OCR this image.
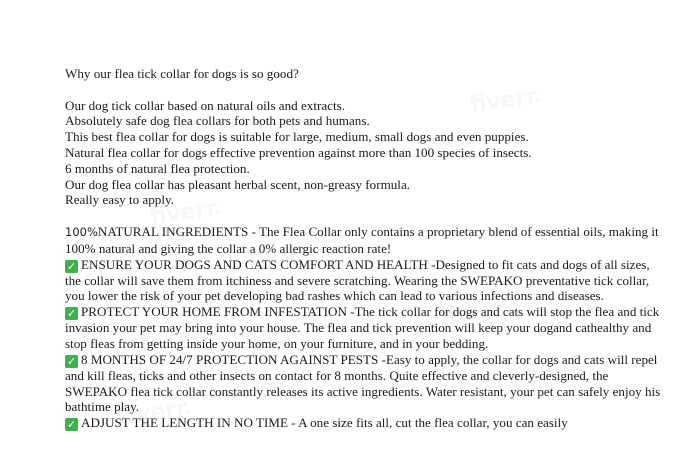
Why our flea tick collar for dogs is so good?

Our dog tick collar based on natural oils and extracts.

Absolutely safe dog flea collars for both pets and humans.

This best flea collar for dogs is suitable for large, medium, small dogs and even puppies.

Natural flea collar for dogs effective prevention against more than 100 species of insects.

6 months of natural flea protection.

Our dog flea collar has pleasant herbal scent, non-greasy formula.

Really easy to apply.

100%NATURAL INGREDIENTS - The Flea Collar only contains a proprietary blend of essential oils, making it 100% natural and giving the collar a 0% allergic reaction rate!

✓ ENSURE YOUR DOGS AND CATS COMFORT AND HEALTH -Designed to fit cats and dogs of all sizes, the collar will save them from itchiness and severe scratching. Wearing the SWEPAKO preventative tick collar, you lower the risk of your pet developing bad rashes which can lead to various infections and diseases.

✓ PROTECT YOUR HOME FROM INFESTATION -The tick collar for dogs and cats will stop the flea and tick invasion your pet may bring into your house. The flea and tick prevention will keep your dogand cathealthy and stop fleas from getting inside your home, on your furniture, and in your bedding.

✓ 8 MONTHS OF 24/7 PROTECTION AGAINST PESTS -Easy to apply, the collar for dogs and cats will repel and kill fleas, ticks and other insects on contact for 8 months. Quite effective and cleverly-designed, the SWEPAKO flea tick collar constantly releases its active ingredients. Water resistant, your pet can safely enjoy his bathtime play.

✓ ADJUST THE LENGTH IN NO TIME - A one size fits all, cut the flea collar, you can easily
